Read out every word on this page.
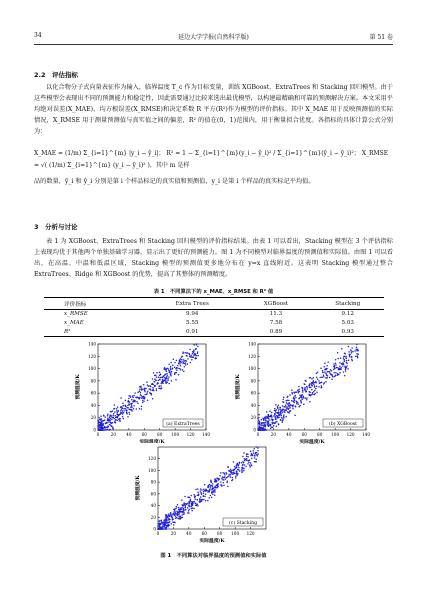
34	延边大学学报(自然科学版)	第 51 卷
2.2　评估指标

以化合物分子式向量表征作为输入，临界温度 T_c 作为目标变量，训练 XGBoost、ExtraTrees 和 Stacking 回归模型。由于这些模型会表现出不同的预测能力和稳定性，因此需要通过比较来选出最优模型，以构建最精确和可靠的预测解决方案。本文采用平均绝对误差(X_MAE)、均方根误差(X_RMSE)和决定系数 R 平方(R²)作为模型的评价指标。其中 X_MAE 用于反映预测值的实际情况，X_RMSE 用于测量预测值与真实值之间的偏差，R² 的值在(0，1)范围内，用于衡量拟合优度。各指标的具体计算公式分别为：

X_MAE = (1/m) Σ_{i=1}^{m} |y_i − ŷ_i|； R² = 1 − Σ_{i=1}^{m}(y_i − ŷ_i)² / Σ_{i=1}^{m}(ŷ_i − ȳ_i)²； X_RMSE = √( (1/m) Σ_{i=1}^{m} (y_i − ŷ_i)² )，其中 m 是样
品的数量，ȳ_i 和 ŷ_i 分别是第 i 个样品标记的真实值和预测值，y_i 是第 i 个样品的真实标记平均值。
3　分析与讨论

表 1 为 XGBoost、ExtraTrees 和 Stacking 回归模型的评价指标结果。由表 1 可以看出，Stacking 模型在 3 个评估指标上表现均优于其他两个单独基础学习器，显示出了更好的预测能力。图 1 为不同模型对临界温度的预测值和实际值。由图 1 可以看出，在高温、中温和低温区域，Stacking 模型的预测值更多地分布在 y=x 直线附近。这表明 Stacking 模型通过整合 ExtraTrees、Ridge 和 XGBoost 的优势，提高了其整体的预测精度。

表 1　不同算法下的 x_MAE、x_RMSE 和 R² 值
评价指标	Extra Trees	XGBoost	Stacking
x_RMSE	9.94	11.3	9.12
x_MAE	5.55	7.58	5.03
R²	0.91	0.89	0.93
0
0
20
20
40
40
60
60
80
80
100
100
120
120
140
140
实际温度/K
预测温度/K
(a) ExtraTrees
0
0
20
20
40
40
60
60
80
80
100
100
120
120
140
140
实际温度/K
预测温度/K
(b) XGBoost
0
0
20
20
40
40
60
60
80
80
100
100
120
120
实际温度/K
预测温度/K
(c) Stacking
图 1　不同算法对临界温度的预测值和实际值
